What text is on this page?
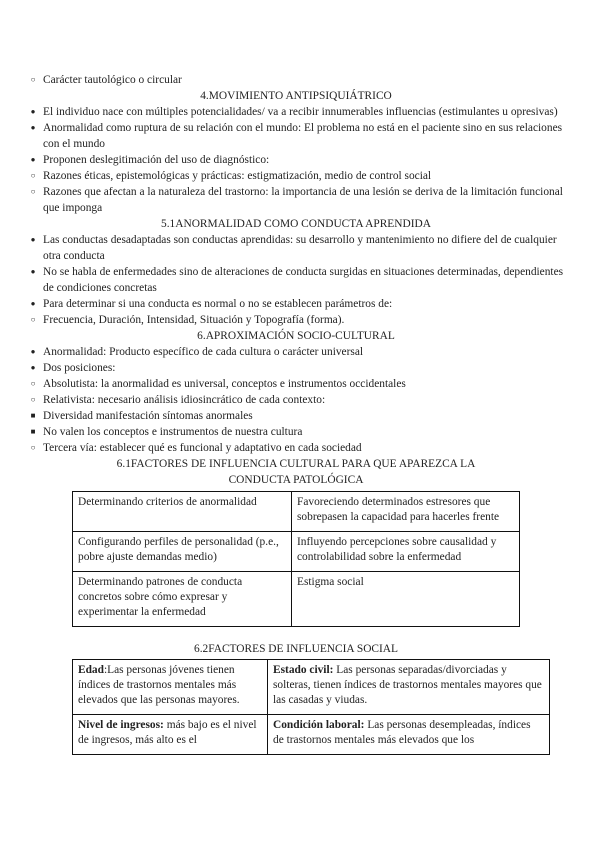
○
Carácter tautológico o circular
4.MOVIMIENTO ANTIPSIQUIÁTRICO
●
El individuo nace con múltiples potencialidades/ va a recibir innumerables influencias (estimulantes u opresivas)
●
Anormalidad como ruptura de su relación con el mundo: El problema no está en el paciente sino en sus relaciones con el mundo
●
Proponen deslegitimación del uso de diagnóstico:
○
Razones éticas, epistemológicas y prácticas: estigmatización, medio de control social
○
Razones que afectan a la naturaleza del trastorno: la importancia de una lesión se deriva de la limitación funcional que imponga
5.1ANORMALIDAD COMO CONDUCTA APRENDIDA
●
Las conductas desadaptadas son conductas aprendidas: su desarrollo y mantenimiento no difiere del de cualquier otra conducta
●
No se habla de enfermedades sino de alteraciones de conducta surgidas en situaciones determinadas, dependientes de condiciones concretas
●
Para determinar si una conducta es normal o no se establecen parámetros de:
○
Frecuencia, Duración, Intensidad, Situación y Topografía (forma).
6.APROXIMACIÓN SOCIO-CULTURAL
●
Anormalidad: Producto específico de cada cultura o carácter universal
●
Dos posiciones:
○
Absolutista: la anormalidad es universal, conceptos e instrumentos occidentales
○
Relativista: necesario análisis idiosincrático de cada contexto:
■
Diversidad manifestación síntomas anormales
■
No valen los conceptos e instrumentos de nuestra cultura
○
Tercera vía: establecer qué es funcional y adaptativo en cada sociedad
6.1FACTORES DE INFLUENCIA CULTURAL PARA QUE APAREZCA LA CONDUCTA PATOLÓGICA
Determinando criterios de anormalidad	Favoreciendo determinados estresores que sobrepasen la capacidad para hacerles frente
Configurando perfiles de personalidad (p.e., pobre ajuste demandas medio)	Influyendo percepciones sobre causalidad y controlabilidad sobre la enfermedad
Determinando patrones de conducta concretos sobre cómo expresar y experimentar la enfermedad	Estigma social
6.2FACTORES DE INFLUENCIA SOCIAL
Edad:Las personas jóvenes tienen índices de trastornos mentales más elevados que las personas mayores.	Estado civil: Las personas separadas/divorciadas y solteras, tienen índices de trastornos mentales mayores que las casadas y viudas.
Nivel de ingresos: más bajo es el nivel de ingresos, más alto es el	Condición laboral: Las personas desempleadas, índices de trastornos mentales más elevados que los
